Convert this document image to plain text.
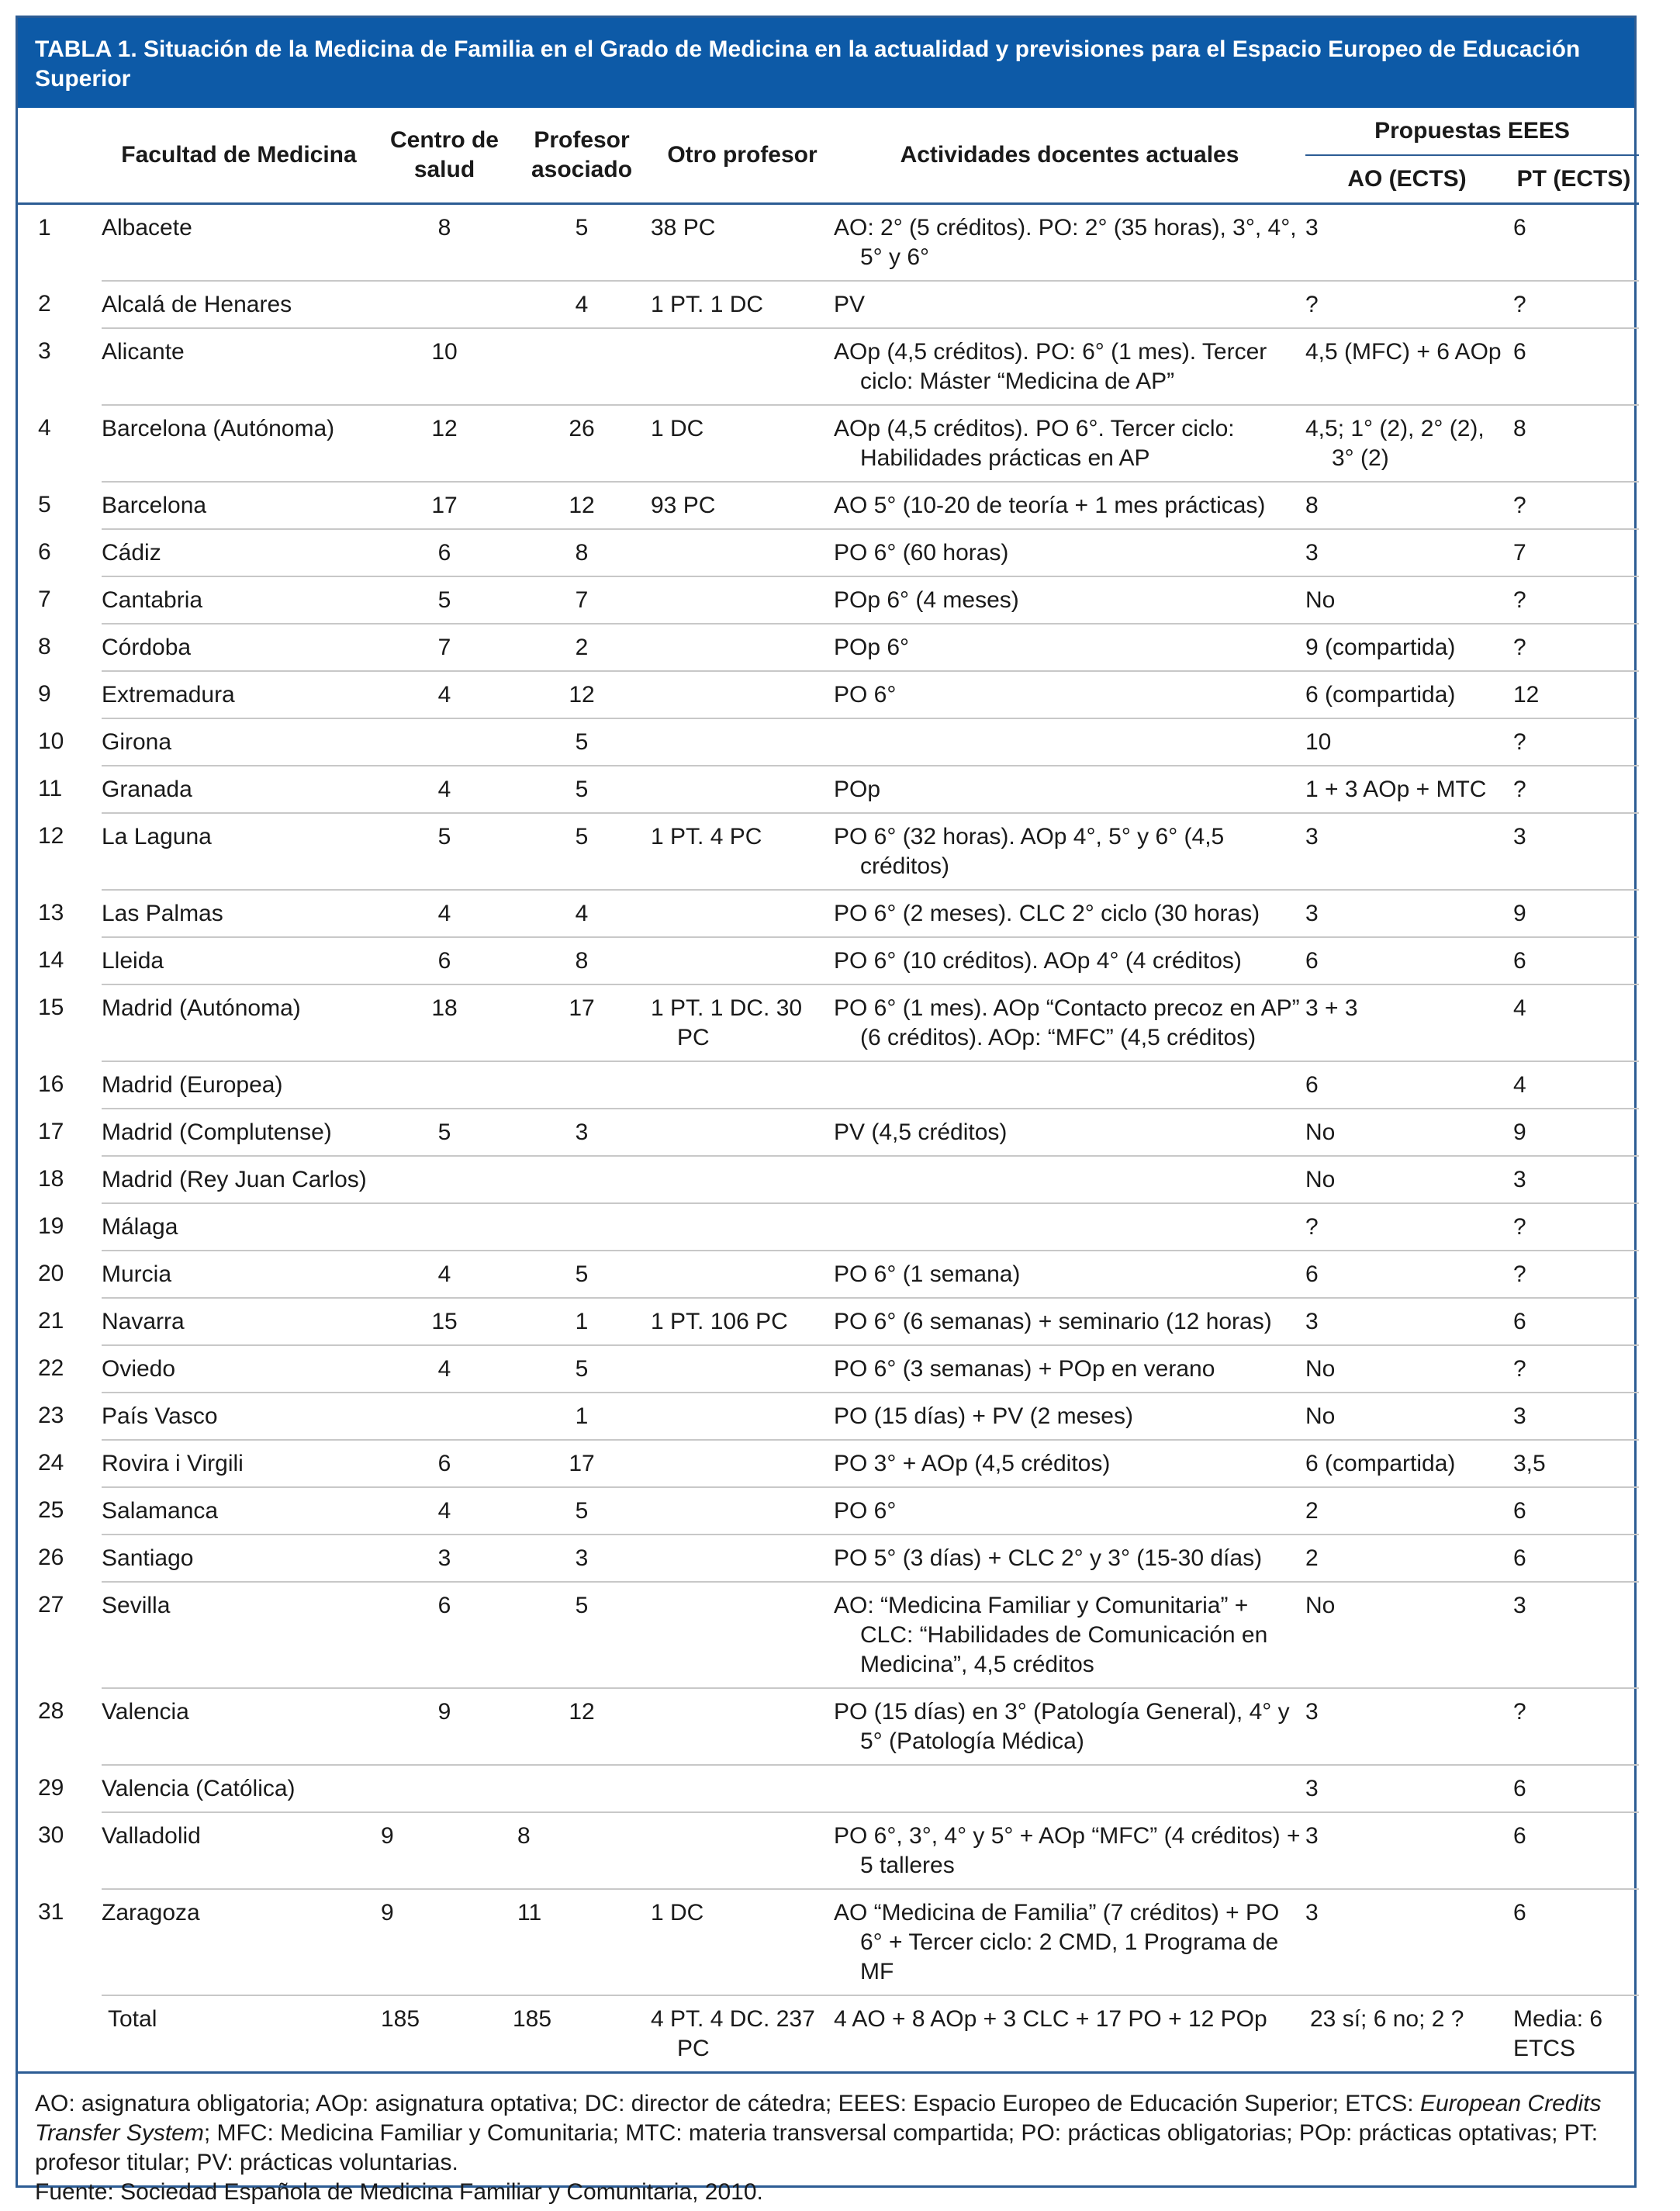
TABLA 1. Situación de la Medicina de Familia en el Grado de Medicina en la actualidad y previsiones para el Espacio Europeo de Educación Superior
	Facultad de Medicina	Centro de salud	Profesor asociado	Otro profesor	Actividades docentes actuales	Propuestas EEES	
						AO (ECTS)	PT (ECTS)

1	Albacete	8	5	38 PC	AO: 2° (5 créditos). PO: 2° (35 horas), 3°, 4°, 5° y 6°	3	6
2	Alcalá de Henares		4	1 PT. 1 DC	PV	?	?
3	Alicante	10			AOp (4,5 créditos). PO: 6° (1 mes). Tercer ciclo: Máster “Medicina de AP”	4,5 (MFC) + 6 AOp	6
4	Barcelona (Autónoma)	12	26	1 DC	AOp (4,5 créditos). PO 6°. Tercer ciclo: Habilidades prácticas en AP	4,5; 1° (2), 2° (2), 3° (2)	8
5	Barcelona	17	12	93 PC	AO 5° (10-20 de teoría + 1 mes prácticas)	8	?
6	Cádiz	6	8		PO 6° (60 horas)	3	7
7	Cantabria	5	7		POp 6° (4 meses)	No	?
8	Córdoba	7	2		POp 6°	9 (compartida)	?
9	Extremadura	4	12		PO 6°	6 (compartida)	12
10	Girona		5			10	?
11	Granada	4	5		POp	1 + 3 AOp + MTC	?
12	La Laguna	5	5	1 PT. 4 PC	PO 6° (32 horas). AOp 4°, 5° y 6° (4,5 créditos)	3	3
13	Las Palmas	4	4		PO 6° (2 meses). CLC 2° ciclo (30 horas)	3	9
14	Lleida	6	8		PO 6° (10 créditos). AOp 4° (4 créditos)	6	6
15	Madrid (Autónoma)	18	17	1 PT. 1 DC. 30 PC	PO 6° (1 mes). AOp “Contacto precoz en AP” (6 créditos). AOp: “MFC” (4,5 créditos)	3 + 3	4
16	Madrid (Europea)					6	4
17	Madrid (Complutense)	5	3		PV (4,5 créditos)	No	9
18	Madrid (Rey Juan Carlos)					No	3
19	Málaga					?	?
20	Murcia	4	5		PO 6° (1 semana)	6	?
21	Navarra	15	1	1 PT. 106 PC	PO 6° (6 semanas) + seminario (12 horas)	3	6
22	Oviedo	4	5		PO 6° (3 semanas) + POp en verano	No	?
23	País Vasco		1		PO (15 días) + PV (2 meses)	No	3
24	Rovira i Virgili	6	17		PO 3° + AOp (4,5 créditos)	6 (compartida)	3,5
25	Salamanca	4	5		PO 6°	2	6
26	Santiago	3	3		PO 5° (3 días) + CLC 2° y 3° (15-30 días)	2	6
27	Sevilla	6	5		AO: “Medicina Familiar y Comunitaria” + CLC: “Habilidades de Comunicación en Medicina”, 4,5 créditos	No	3
28	Valencia	9	12		PO (15 días) en 3° (Patología General), 4° y 5° (Patología Médica)	3	?
29	Valencia (Católica)					3	6
30	Valladolid	9	8		PO 6°, 3°, 4° y 5° + AOp “MFC” (4 créditos) + 5 talleres	3	6
31	Zaragoza	9	11	1 DC	AO “Medicina de Familia” (7 créditos) + PO 6° + Tercer ciclo: 2 CMD, 1 Programa de MF	3	6
	Total	185	185	4 PT. 4 DC. 237 PC	4 AO + 8 AOp + 3 CLC + 17 PO + 12 POp	23 sí; 6 no; 2 ?	Media: 6 ETCS
AO: asignatura obligatoria; AOp: asignatura optativa; DC: director de cátedra; EEES: Espacio Europeo de Educación Superior; ETCS: European Credits Transfer System; MFC: Medicina Familiar y Comunitaria; MTC: materia transversal compartida; PO: prácticas obligatorias; POp: prácticas optativas; PT: profesor titular; PV: prácticas voluntarias.
Fuente: Sociedad Española de Medicina Familiar y Comunitaria, 2010.
